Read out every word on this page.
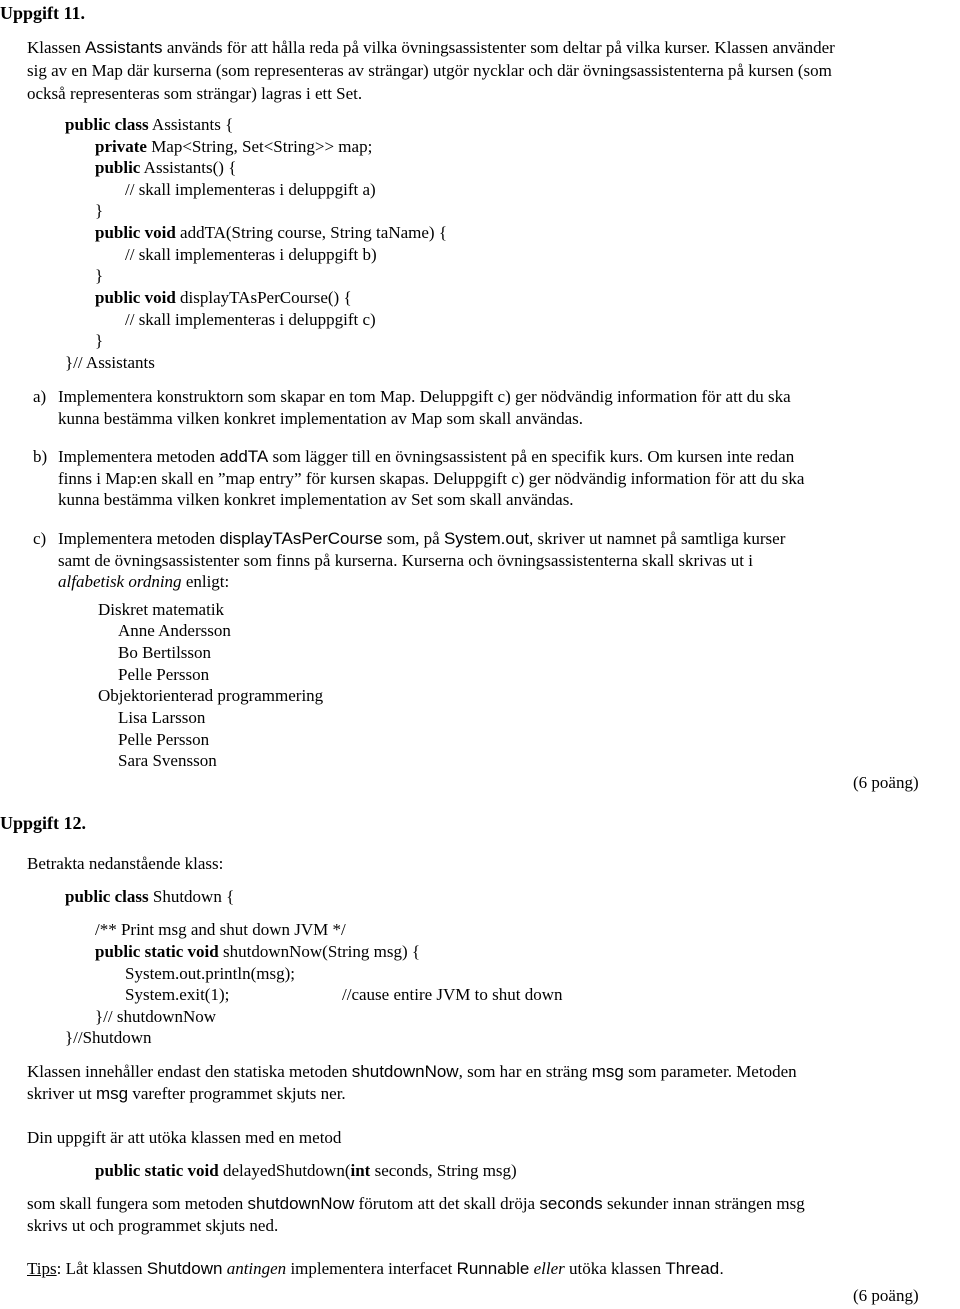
Uppgift 11.
Klassen Assistants används för att hålla reda på vilka övningsassistenter som deltar på vilka kurser. Klassen använder
sig av en Map där kurserna (som representeras av strängar) utgör nycklar och där övningsassistenterna på kursen (som
också representeras som strängar) lagras i ett Set.
public class Assistants {
private Map<String, Set<String>> map;
public Assistants() {
// skall implementeras i deluppgift a)
}
public void addTA(String course, String taName) {
// skall implementeras i deluppgift b)
}
public void displayTAsPerCourse() {
// skall implementeras i deluppgift c)
}
}// Assistants
a) Implementera konstruktorn som skapar en tom Map. Deluppgift c) ger nödvändig information för att du ska
kunna bestämma vilken konkret implementation av Map som skall användas.
b) Implementera metoden addTA som lägger till en övningsassistent på en specifik kurs. Om kursen inte redan
finns i Map:en skall en ”map entry” för kursen skapas. Deluppgift c) ger nödvändig information för att du ska
kunna bestämma vilken konkret implementation av Set som skall användas.
c) Implementera metoden displayTAsPerCourse som, på System.out, skriver ut namnet på samtliga kurser
samt de övningsassistenter som finns på kurserna. Kurserna och övningsassistenterna skall skrivas ut i
alfabetisk ordning enligt:
Diskret matematik
Anne Andersson
Bo Bertilsson
Pelle Persson
Objektorienterad programmering
Lisa Larsson
Pelle Persson
Sara Svensson
(6 poäng)
Uppgift 12.
Betrakta nedanstående klass:
public class Shutdown {
/** Print msg and shut down JVM */
public static void shutdownNow(String msg) {
System.out.println(msg);
System.exit(1);	//cause entire JVM to shut down
}// shutdownNow
}//Shutdown
Klassen innehåller endast den statiska metoden shutdownNow, som har en sträng msg som parameter. Metoden
skriver ut msg varefter programmet skjuts ner.
Din uppgift är att utöka klassen med en metod
public static void delayedShutdown(int seconds, String msg)
som skall fungera som metoden shutdownNow förutom att det skall dröja seconds sekunder innan strängen msg
skrivs ut och programmet skjuts ned.
Tips: Låt klassen Shutdown antingen implementera interfacet Runnable eller utöka klassen Thread.
(6 poäng)
